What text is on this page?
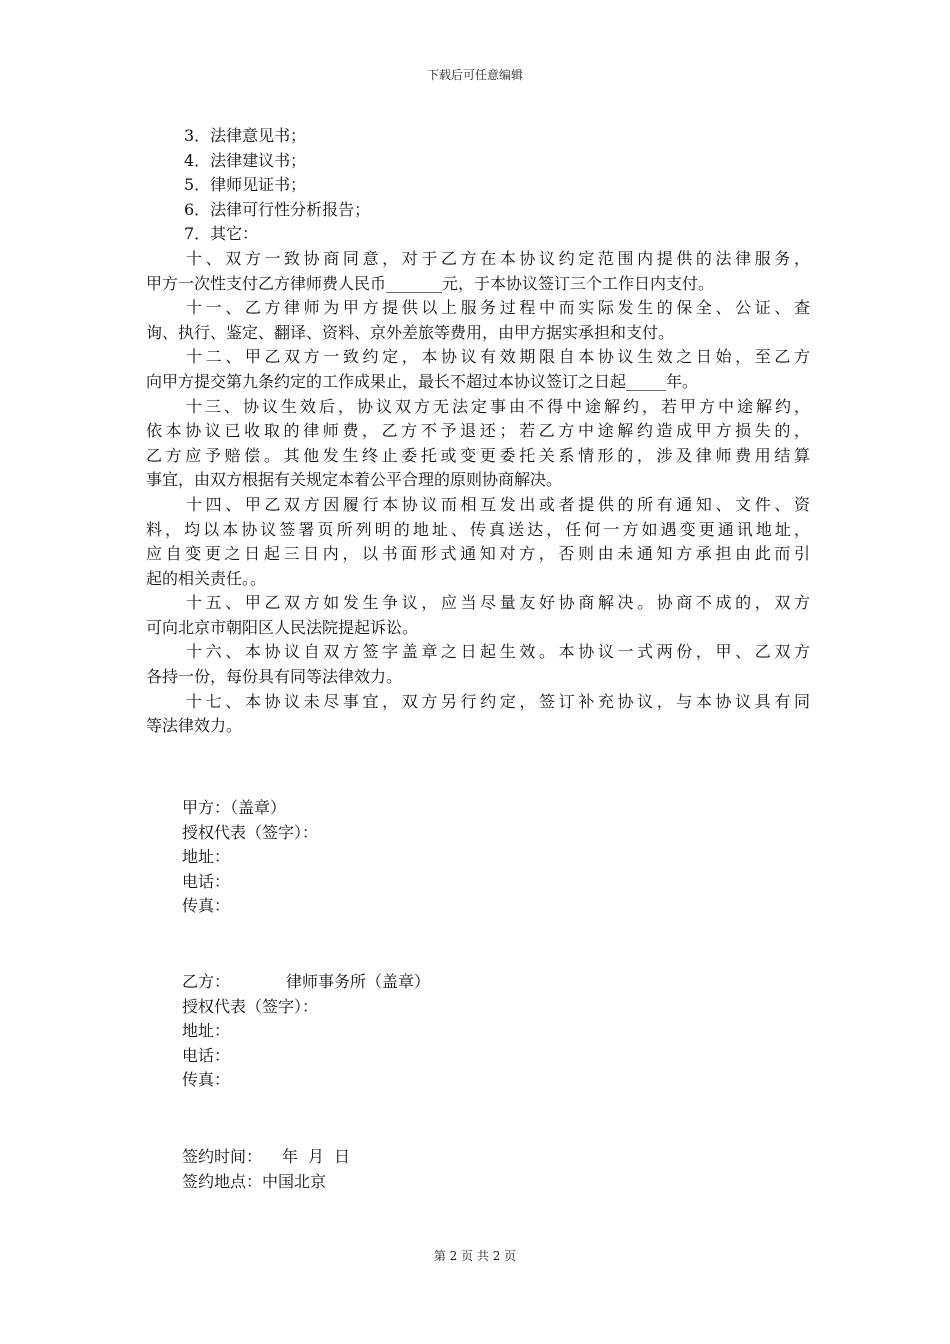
下载后可任意编辑
3．法律意见书；
4．法律建议书；
5．律师见证书；
6．法律可行性分析报告；
7．其它：
十、双方一致协商同意，对于乙方在本协议约定范围内提供的法律服务，
甲方一次性支付乙方律师费人民币_______元，于本协议签订三个工作日内支付。
十一、乙方律师为甲方提供以上服务过程中而实际发生的保全、公证、查
询、执行、鉴定、翻译、资料、京外差旅等费用，由甲方据实承担和支付。
十二、甲乙双方一致约定，本协议有效期限自本协议生效之日始，至乙方
向甲方提交第九条约定的工作成果止，最长不超过本协议签订之日起_____年。
十三、协议生效后，协议双方无法定事由不得中途解约，若甲方中途解约，
依本协议已收取的律师费，乙方不予退还；若乙方中途解约造成甲方损失的，
乙方应予赔偿。其他发生终止委托或变更委托关系情形的，涉及律师费用结算
事宜，由双方根据有关规定本着公平合理的原则协商解决。
十四、甲乙双方因履行本协议而相互发出或者提供的所有通知、文件、资
料，均以本协议签署页所列明的地址、传真送达，任何一方如遇变更通讯地址，
应自变更之日起三日内，以书面形式通知对方，否则由未通知方承担由此而引
起的相关责任。。
十五、甲乙双方如发生争议，应当尽量友好协商解决。协商不成的，双方
可向北京市朝阳区人民法院提起诉讼。
十六、本协议自双方签字盖章之日起生效。本协议一式两份，甲、乙双方
各持一份，每份具有同等法律效力。
十七、本协议未尽事宜，双方另行约定，签订补充协议，与本协议具有同
等法律效力。
甲方：（盖章）
授权代表（签字）：
地址：
电话：
传真：
乙方：	律师事务所（盖章）
授权代表（签字）：
地址：
电话：
传真：
签约时间： 年 月 日
签约地点：中国北京
第 2 页 共 2 页
